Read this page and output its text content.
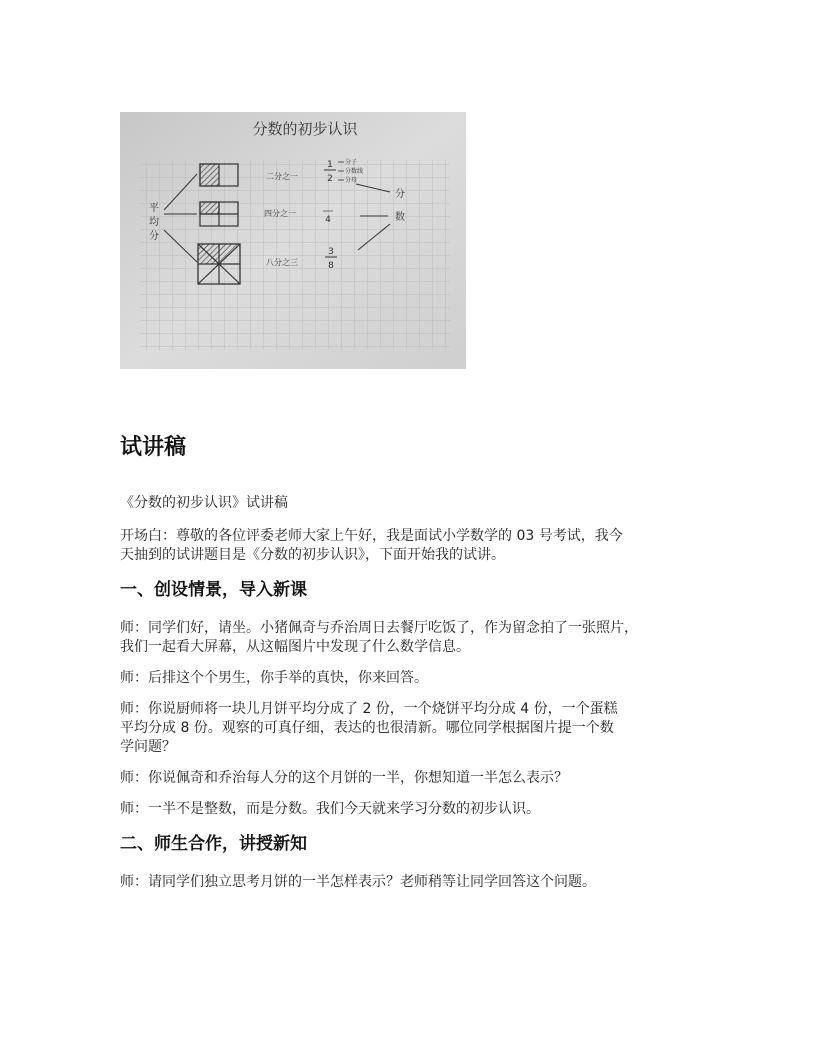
分数的初步认识
平
均
分
二分之一
四分之一
八分之三
1
2
4
3
8
分子
分数线
分母
分
数
试讲稿

《分数的初步认识》试讲稿

开场白：尊敬的各位评委老师大家上午好，我是面试小学数学的 03 号考试，我今
天抽到的试讲题目是《分数的初步认识》，下面开始我的试讲。

一、创设情景，导入新课

师：同学们好，请坐。小猪佩奇与乔治周日去餐厅吃饭了，作为留念拍了一张照片，
我们一起看大屏幕，从这幅图片中发现了什么数学信息。

师：后排这个个男生，你手举的真快，你来回答。

师：你说厨师将一块儿月饼平均分成了 2 份，一个烧饼平均分成 4 份，一个蛋糕
平均分成 8 份。观察的可真仔细，表达的也很清新。哪位同学根据图片提一个数
学问题？

师：你说佩奇和乔治每人分的这个月饼的一半，你想知道一半怎么表示？

师：一半不是整数，而是分数。我们今天就来学习分数的初步认识。

二、师生合作，讲授新知

师：请同学们独立思考月饼的一半怎样表示？老师稍等让同学回答这个问题。
